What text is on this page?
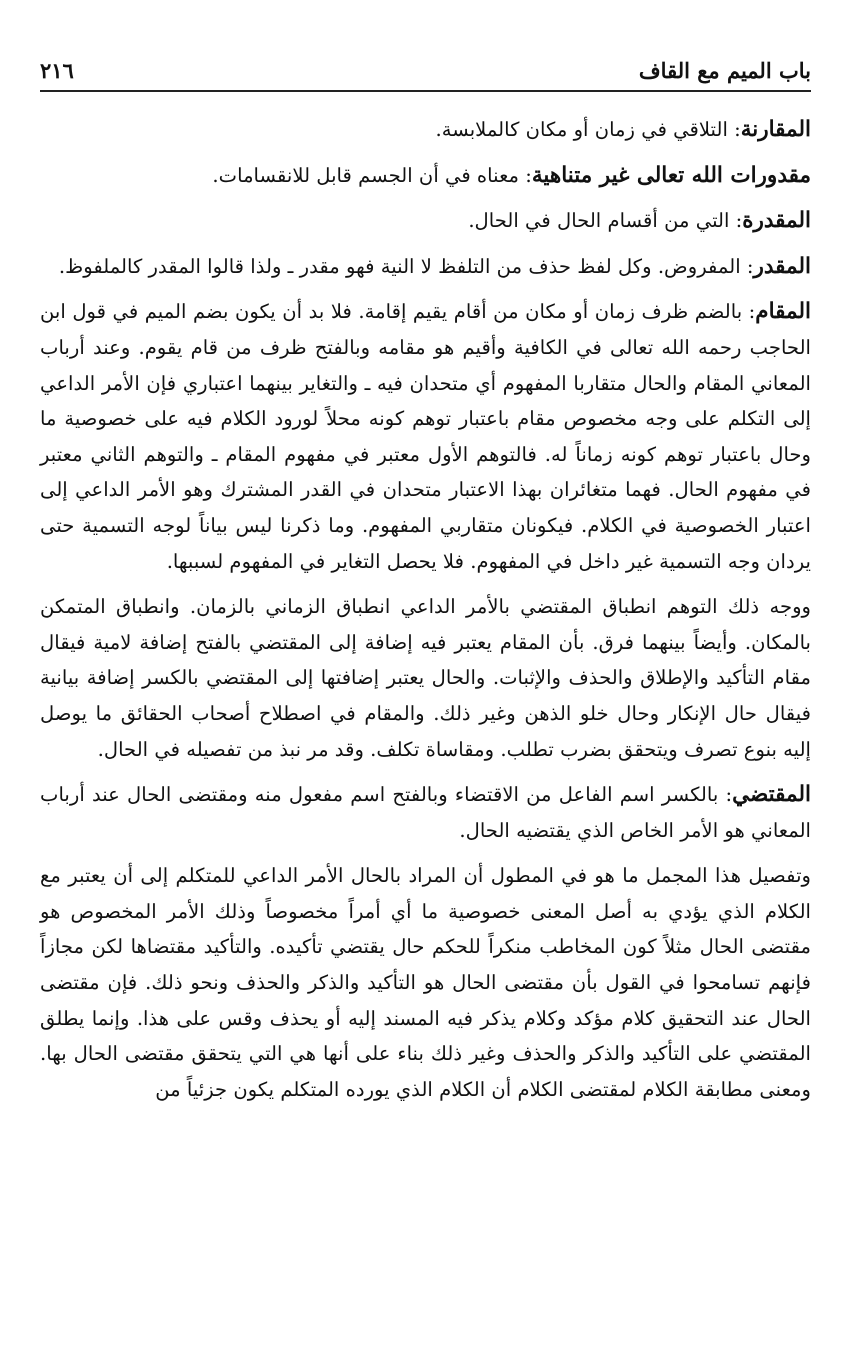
باب الميم مع القاف
٢١٦

المقارنة: التلاقي في زمان أو مكان كالملابسة.

مقدورات الله تعالى غير متناهية: معناه في أن الجسم قابل للانقسامات.

المقدرة: التي من أقسام الحال في الحال.

المقدر: المفروض. وكل لفظ حذف من التلفظ لا النية فهو مقدر ـ ولذا قالوا المقدر كالملفوظ.

المقام: بالضم ظرف زمان أو مكان من أقام يقيم إقامة. فلا بد أن يكون بضم الميم في قول ابن الحاجب رحمه الله تعالى في الكافية وأقيم هو مقامه وبالفتح ظرف من قام يقوم. وعند أرباب المعاني المقام والحال متقاربا المفهوم أي متحدان فيه ـ والتغاير بينهما اعتباري فإن الأمر الداعي إلى التكلم على وجه مخصوص مقام باعتبار توهم كونه محلاً لورود الكلام فيه على خصوصية ما وحال باعتبار توهم كونه زماناً له. فالتوهم الأول معتبر في مفهوم المقام ـ والتوهم الثاني معتبر في مفهوم الحال. فهما متغائران بهذا الاعتبار متحدان في القدر المشترك وهو الأمر الداعي إلى اعتبار الخصوصية في الكلام. فيكونان متقاربي المفهوم. وما ذكرنا ليس بياناً لوجه التسمية حتى يردان وجه التسمية غير داخل في المفهوم. فلا يحصل التغاير في المفهوم لسببها.

ووجه ذلك التوهم انطباق المقتضي بالأمر الداعي انطباق الزماني بالزمان. وانطباق المتمكن بالمكان. وأيضاً بينهما فرق. بأن المقام يعتبر فيه إضافة إلى المقتضي بالفتح إضافة لامية فيقال مقام التأكيد والإطلاق والحذف والإثبات. والحال يعتبر إضافتها إلى المقتضي بالكسر إضافة بيانية فيقال حال الإنكار وحال خلو الذهن وغير ذلك. والمقام في اصطلاح أصحاب الحقائق ما يوصل إليه بنوع تصرف ويتحقق بضرب تطلب. ومقاساة تكلف. وقد مر نبذ من تفصيله في الحال.

المقتضي: بالكسر اسم الفاعل من الاقتضاء وبالفتح اسم مفعول منه ومقتضى الحال عند أرباب المعاني هو الأمر الخاص الذي يقتضيه الحال.

وتفصيل هذا المجمل ما هو في المطول أن المراد بالحال الأمر الداعي للمتكلم إلى أن يعتبر مع الكلام الذي يؤدي به أصل المعنى خصوصية ما أي أمراً مخصوصاً وذلك الأمر المخصوص هو مقتضى الحال مثلاً كون المخاطب منكراً للحكم حال يقتضي تأكيده. والتأكيد مقتضاها لكن مجازاً فإنهم تسامحوا في القول بأن مقتضى الحال هو التأكيد والذكر والحذف ونحو ذلك. فإن مقتضى الحال عند التحقيق كلام مؤكد وكلام يذكر فيه المسند إليه أو يحذف وقس على هذا. وإنما يطلق المقتضي على التأكيد والذكر والحذف وغير ذلك بناء على أنها هي التي يتحقق مقتضى الحال بها. ومعنى مطابقة الكلام لمقتضى الكلام أن الكلام الذي يورده المتكلم يكون جزئياً من
